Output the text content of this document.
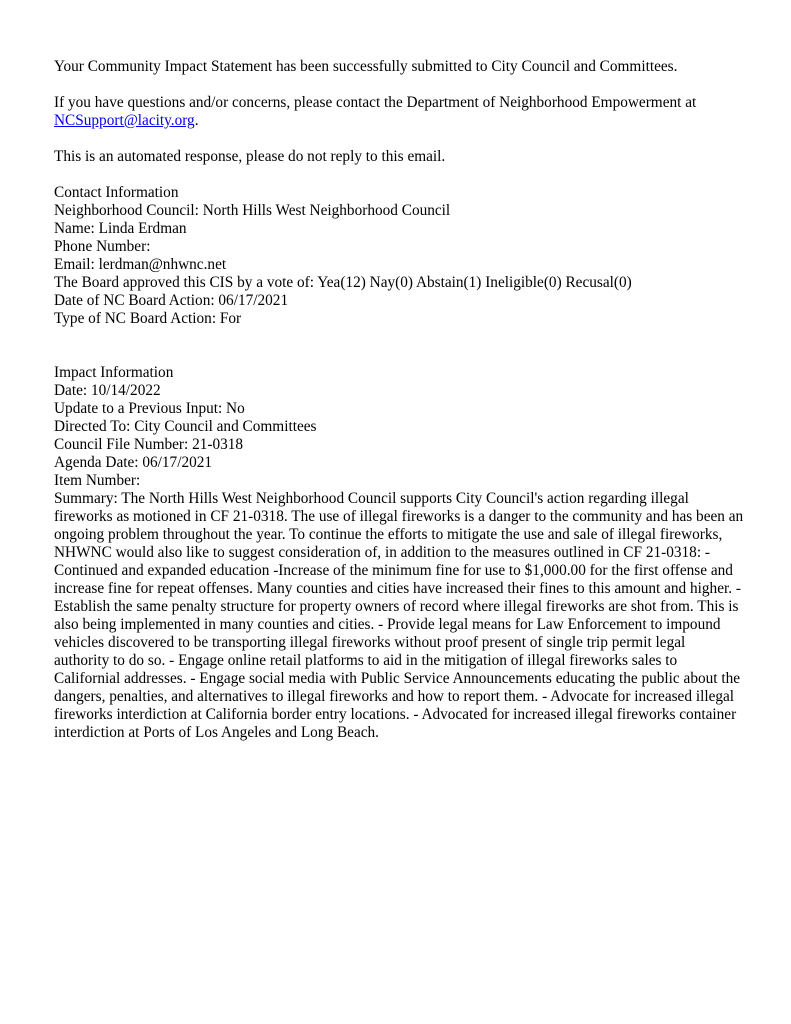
Your Community Impact Statement has been successfully submitted to City Council and Committees.

If you have questions and/or concerns, please contact the Department of Neighborhood Empowerment at NCSupport@lacity.org.

This is an automated response, please do not reply to this email.

Contact Information
Neighborhood Council: North Hills West Neighborhood Council
Name: Linda Erdman
Phone Number:
Email: lerdman@nhwnc.net
The Board approved this CIS by a vote of: Yea(12) Nay(0) Abstain(1) Ineligible(0) Recusal(0)
Date of NC Board Action: 06/17/2021
Type of NC Board Action: For
Impact Information
Date: 10/14/2022
Update to a Previous Input: No
Directed To: City Council and Committees
Council File Number: 21-0318
Agenda Date: 06/17/2021
Item Number:
Summary: The North Hills West Neighborhood Council supports City Council's action regarding illegal fireworks as motioned in CF 21-0318. The use of illegal fireworks is a danger to the community and has been an ongoing problem throughout the year. To continue the efforts to mitigate the use and sale of illegal fireworks, NHWNC would also like to suggest consideration of, in addition to the measures outlined in CF 21-0318: -Continued and expanded education -Increase of the minimum fine for use to $1,000.00 for the first offense and increase fine for repeat offenses. Many counties and cities have increased their fines to this amount and higher. - Establish the same penalty structure for property owners of record where illegal fireworks are shot from. This is also being implemented in many counties and cities. - Provide legal means for Law Enforcement to impound vehicles discovered to be transporting illegal fireworks without proof present of single trip permit legal authority to do so. - Engage online retail platforms to aid in the mitigation of illegal fireworks sales to Californial addresses. - Engage social media with Public Service Announcements educating the public about the dangers, penalties, and alternatives to illegal fireworks and how to report them. - Advocate for increased illegal fireworks interdiction at California border entry locations. - Advocated for increased illegal fireworks container interdiction at Ports of Los Angeles and Long Beach.
